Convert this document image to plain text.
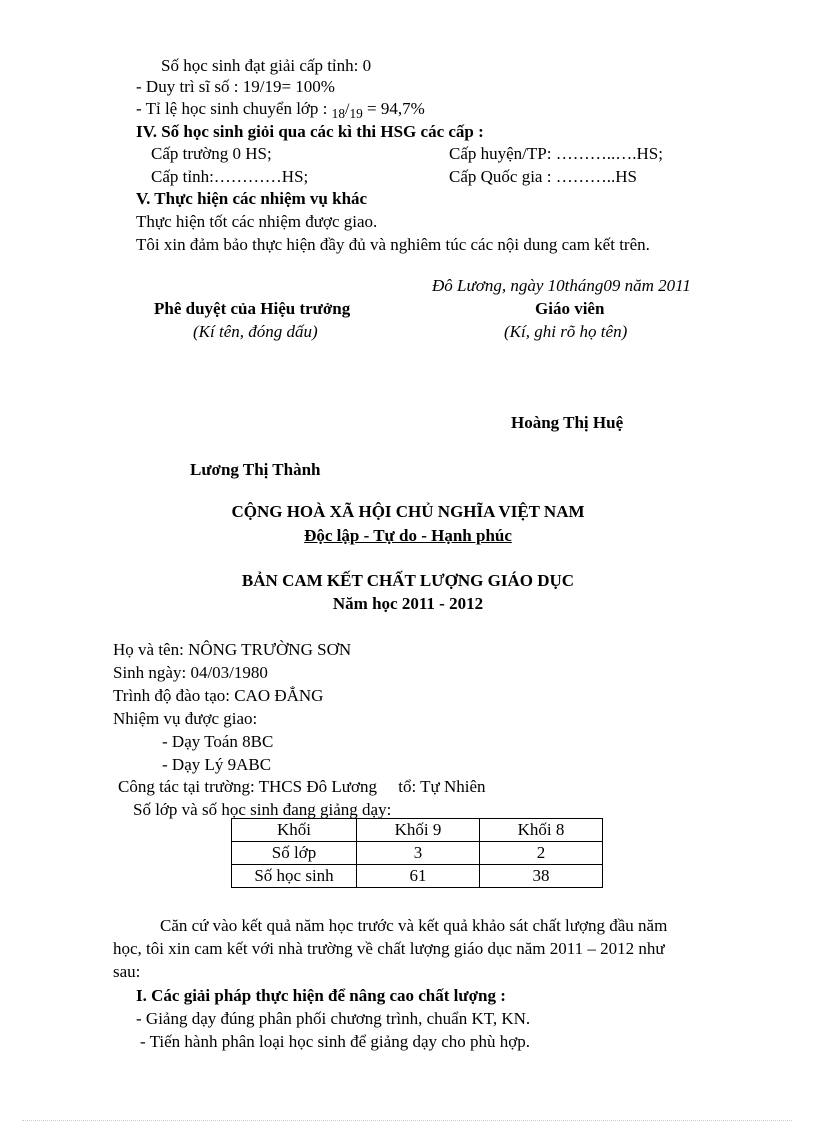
Số học sinh đạt giải cấp tỉnh: 0
- Duy trì sĩ số : 19/19= 100%
- Tỉ lệ học sinh chuyển lớp : $_{18}/_{19} = 94,7\%$
IV. Số học sinh giỏi qua các kì thi HSG các cấp :
Cấp trường 0 HS;	Cấp huyện/TP: ………..….HS;
Cấp tỉnh:…………HS;	Cấp Quốc gia : ………..HS
V. Thực hiện các nhiệm vụ khác
Thực hiện tốt các nhiệm được giao.
Tôi xin đảm bảo thực hiện đầy đủ và nghiêm túc các nội dung cam kết trên.
Đô Lương, ngày 10tháng09 năm 2011
Phê duyệt của Hiệu trưởng
(Kí tên, đóng dấu)
Giáo viên
(Kí, ghi rõ họ tên)
Hoàng Thị Huệ
Lương Thị Thành
CỘNG HOÀ XÃ HỘI CHỦ NGHĨA VIỆT NAM
Độc lập - Tự do - Hạnh phúc
BẢN CAM KẾT CHẤT LƯỢNG GIÁO DỤC
Năm học 2011 - 2012
Họ và tên: NÔNG TRƯỜNG SƠN
Sinh ngày: 04/03/1980
Trình độ đào tạo: CAO ĐẲNG
Nhiệm vụ được giao:
- Dạy Toán 8BC
- Dạy Lý 9ABC
Công tác tại trường: THCS Đô Lương     tổ: Tự Nhiên
Số lớp và số học sinh đang giảng dạy:
Khối	Khối 9	Khối 8
Số lớp	3	2
Số học sinh	61	38
Căn cứ vào kết quả năm học trước và kết quả khảo sát chất lượng đầu năm
học, tôi xin cam kết với nhà trường về chất lượng giáo dục năm 2011 – 2012 như
sau:
I. Các giải pháp thực hiện để nâng cao chất lượng :
- Giảng dạy đúng phân phối chương trình, chuẩn KT, KN.
- Tiến hành phân loại học sinh để giảng dạy cho phù hợp.
